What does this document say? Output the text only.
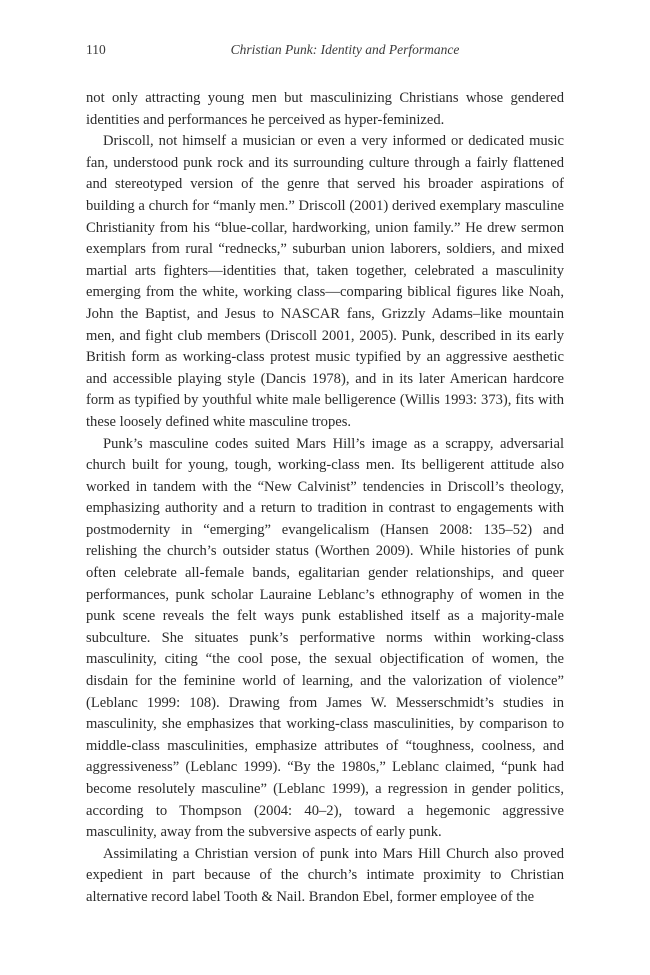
110	Christian Punk: Identity and Performance

not only attracting young men but masculinizing Christians whose gendered identities and performances he perceived as hyper-feminized.

Driscoll, not himself a musician or even a very informed or dedicated music fan, understood punk rock and its surrounding culture through a fairly flattened and stereotyped version of the genre that served his broader aspirations of building a church for “manly men.” Driscoll (2001) derived exemplary masculine Christianity from his “blue-collar, hardworking, union family.” He drew sermon exemplars from rural “rednecks,” suburban union laborers, soldiers, and mixed martial arts fighters—identities that, taken together, celebrated a masculinity emerging from the white, working class—comparing biblical figures like Noah, John the Baptist, and Jesus to NASCAR fans, Grizzly Adams–like mountain men, and fight club members (Driscoll 2001, 2005). Punk, described in its early British form as working-class protest music typified by an aggressive aesthetic and accessible playing style (Dancis 1978), and in its later American hardcore form as typified by youthful white male belligerence (Willis 1993: 373), fits with these loosely defined white masculine tropes.

Punk’s masculine codes suited Mars Hill’s image as a scrappy, adversarial church built for young, tough, working-class men. Its belligerent attitude also worked in tandem with the “New Calvinist” tendencies in Driscoll’s theology, emphasizing authority and a return to tradition in contrast to engagements with postmodernity in “emerging” evangelicalism (Hansen 2008: 135–52) and relishing the church’s outsider status (Worthen 2009). While histories of punk often celebrate all-female bands, egalitarian gender relationships, and queer performances, punk scholar Lauraine Leblanc’s ethnography of women in the punk scene reveals the felt ways punk established itself as a majority-male subculture. She situates punk’s performative norms within working-class masculinity, citing “the cool pose, the sexual objectification of women, the disdain for the feminine world of learning, and the valorization of violence” (Leblanc 1999: 108). Drawing from James W. Messerschmidt’s studies in masculinity, she emphasizes that working-class masculinities, by comparison to middle-class masculinities, emphasize attributes of “toughness, coolness, and aggressiveness” (Leblanc 1999). “By the 1980s,” Leblanc claimed, “punk had become resolutely masculine” (Leblanc 1999), a regression in gender politics, according to Thompson (2004: 40–2), toward a hegemonic aggressive masculinity, away from the subversive aspects of early punk.

Assimilating a Christian version of punk into Mars Hill Church also proved expedient in part because of the church’s intimate proximity to Christian alternative record label Tooth & Nail. Brandon Ebel, former employee of the
